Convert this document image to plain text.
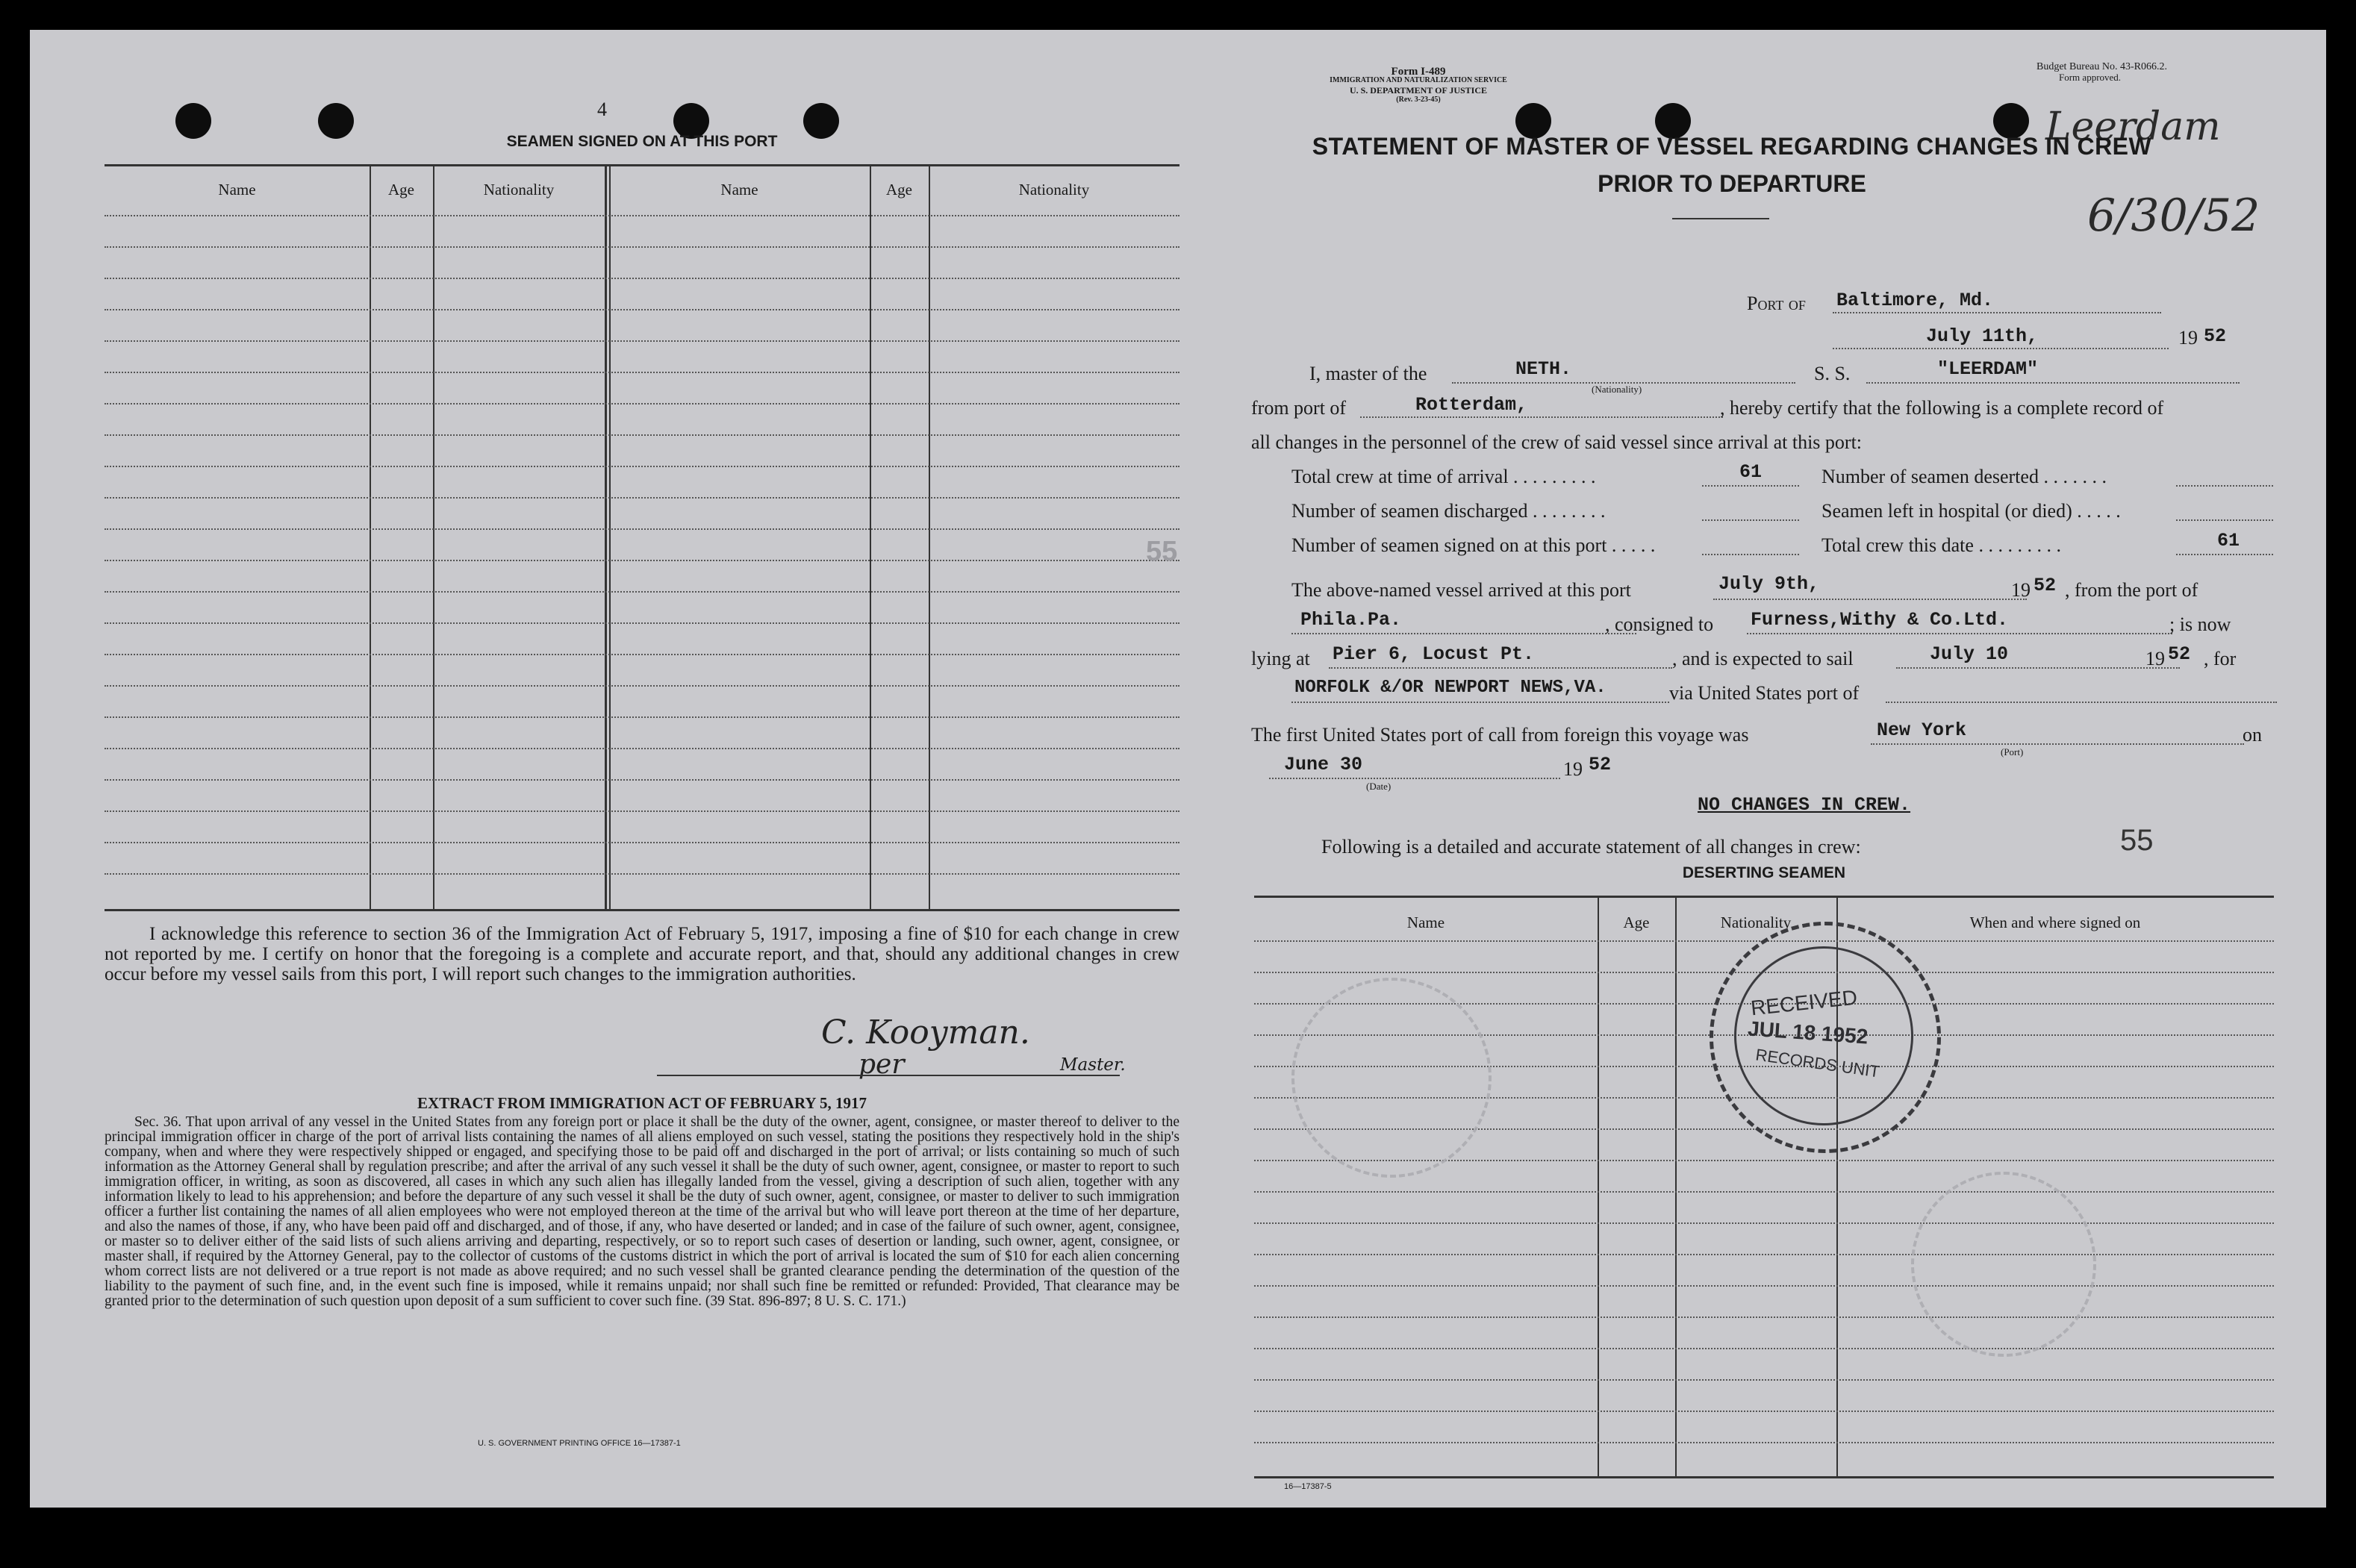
4
SEAMEN SIGNED ON AT THIS PORT
Name	Age	Nationality	Name	Age	Nationality
I acknowledge this reference to section 36 of the Immigration Act of February 5, 1917, imposing a fine of $10 for each change in crew not reported by me. I certify on honor that the foregoing is a complete and accurate report, and that, should any additional changes in crew occur before my vessel sails from this port, I will report such changes to the immigration authorities.
C. Kooyman.
per	Master.
EXTRACT FROM IMMIGRATION ACT OF FEBRUARY 5, 1917
Sec. 36. That upon arrival of any vessel in the United States from any foreign port or place it shall be the duty of the owner, agent, consignee, or master thereof to deliver to the principal immigration officer in charge of the port of arrival lists containing the names of all aliens employed on such vessel, stating the positions they respectively hold in the ship's company, when and where they were respectively shipped or engaged, and specifying those to be paid off and discharged in the port of arrival; or lists containing so much of such information as the Attorney General shall by regulation prescribe; and after the arrival of any such vessel it shall be the duty of such owner, agent, consignee, or master to report to such immigration officer, in writing, as soon as discovered, all cases in which any such alien has illegally landed from the vessel, giving a description of such alien, together with any information likely to lead to his apprehension; and before the departure of any such vessel it shall be the duty of such owner, agent, consignee, or master to deliver to such immigration officer a further list containing the names of all alien employees who were not employed thereon at the time of the arrival but who will leave port thereon at the time of her departure, and also the names of those, if any, who have been paid off and discharged, and of those, if any, who have deserted or landed; and in case of the failure of such owner, agent, consignee, or master so to deliver either of the said lists of such aliens arriving and departing, respectively, or so to report such cases of desertion or landing, such owner, agent, consignee, or master shall, if required by the Attorney General, pay to the collector of customs of the customs district in which the port of arrival is located the sum of $10 for each alien concerning whom correct lists are not delivered or a true report is not made as above required; and no such vessel shall be granted clearance pending the determination of the question of the liability to the payment of such fine, and, in the event such fine is imposed, while it remains unpaid; nor shall such fine be remitted or refunded: Provided, That clearance may be granted prior to the determination of such question upon deposit of a sum sufficient to cover such fine. (39 Stat. 896-897; 8 U. S. C. 171.)
U. S. GOVERNMENT PRINTING OFFICE 16—17387-1
55
Form I-489
IMMIGRATION AND NATURALIZATION SERVICE
U. S. DEPARTMENT OF JUSTICE
(Rev. 3-23-45)
Budget Bureau No. 43-R066.2.
Form approved.
Leerdam
6/30/52
STATEMENT OF MASTER OF VESSEL REGARDING CHANGES IN CREW
PRIOR TO DEPARTURE
Port of Baltimore, Md.
July 11th,	19 52
I, master of the	NETH.
(Nationality)
S. S.	"LEERDAM"
from port of	Rotterdam,	, hereby certify that the following is a complete record of
all changes in the personnel of the crew of said vessel since arrival at this port:
Total crew at time of arrival . . . . . . . . .	61	Number of seamen deserted . . . . . . .
Number of seamen discharged . . . . . . . .	Seamen left in hospital (or died) . . . . .
Number of seamen signed on at this port . . . . .	Total crew this date . . . . . . . . .	61
The above-named vessel arrived at this port	July 9th,	19 52 , from the port of
Phila.Pa.	, consigned to Furness,Withy & Co.Ltd.	; is now
lying at Pier 6, Locust Pt.	, and is expected to sail	July 10	19 52 , for
NORFOLK &/OR NEWPORT NEWS,VA.	via United States port of
The first United States port of call from foreign this voyage was	New York
(Port)
on
June 30
(Date)
19 52
NO CHANGES IN CREW.
Following is a detailed and accurate statement of all changes in crew:	55
DESERTING SEAMEN
Name	Age	Nationality	When and where signed on
16—17387-5
RECEIVED
JUL 18 1952
RECORDS UNIT
